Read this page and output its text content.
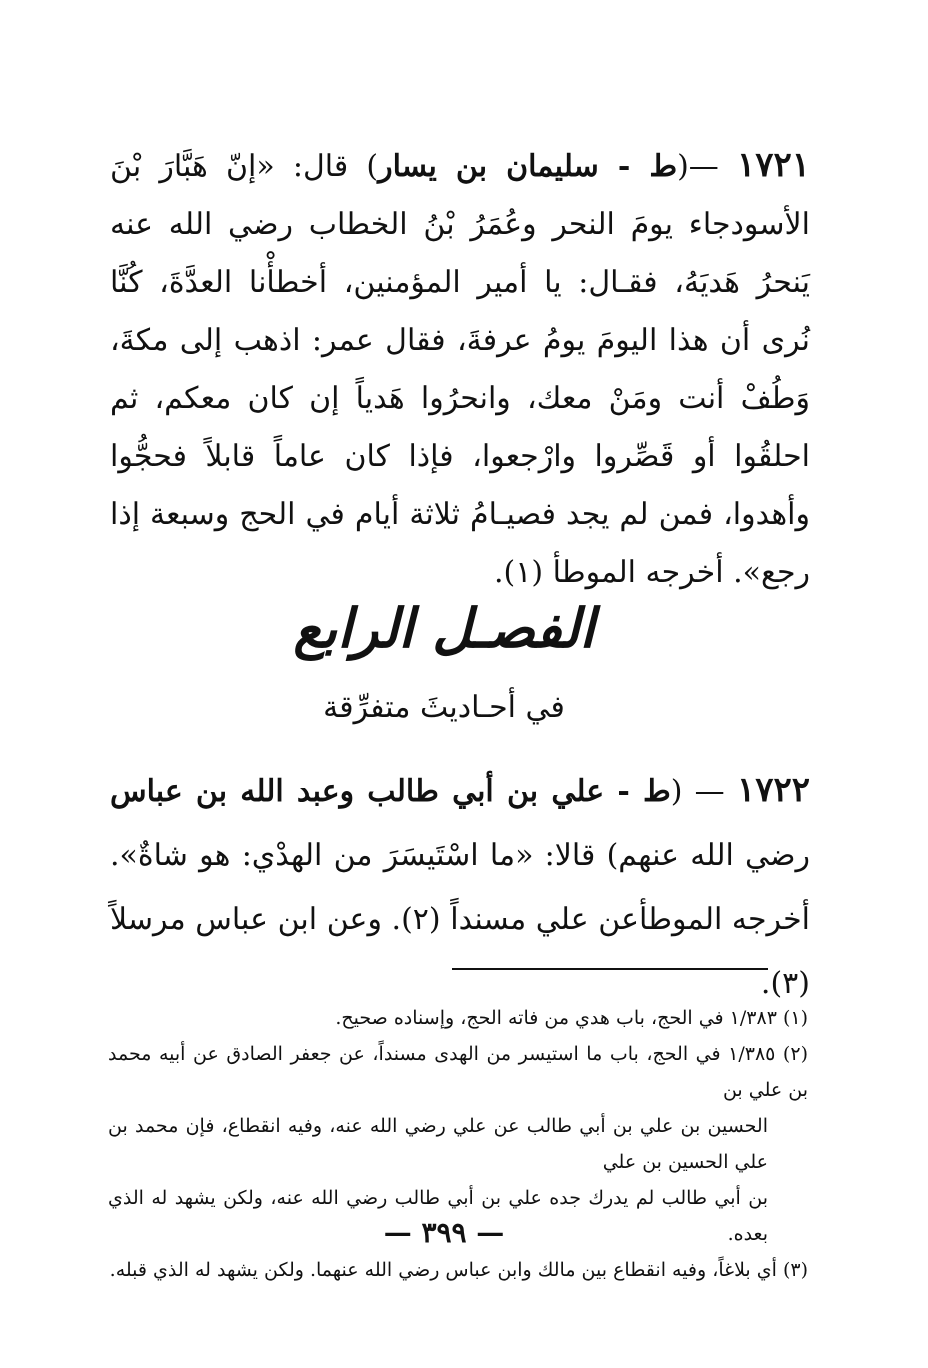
١٧٢١ —(ط - سليمان بن يسار) قال: «إنّ هَبَّارَ بْنَ الأسودجاء يومَ النحر وعُمَرُ بْنُ الخطاب رضي الله عنه يَنحرُ هَديَهُ، فقـال: يا أمير المؤمنين، أخطأْنا العدَّةَ، كُنَّا نُرى أن هذا اليومَ يومُ عرفةَ، فقال عمر: اذهب إلى مكةَ، وَطُفْ أنت ومَنْ معك، وانحرُوا هَدياً إن كان معكم، ثم احلقُوا أو قَصِّروا وارْجعوا، فإذا كان عاماً قابلاً فحجُّوا وأهدوا، فمن لم يجد فصيـامُ ثلاثة أيام في الحج وسبعة إذا رجع». أخرجه الموطأ (١).
الفصـل الرابع
في أحـاديثَ متفرِّقة
١٧٢٢ — (ط - علي بن أبي طالب وعبد الله بن عباس رضي الله عنهم) قالا: «ما اسْتَيسَرَ من الهدْي: هو شاةٌ». أخرجه الموطأعن علي مسنداً (٢). وعن ابن عباس مرسلاً (٣).
(١) ١/٣٨٣ في الحج، باب هدي من فاته الحج، وإسناده صحيح.
(٢) ١/٣٨٥ في الحج، باب ما استيسر من الهدى مسنداً، عن جعفر الصادق عن أبيه محمد بن علي بن
الحسين بن علي بن أبي طالب عن علي رضي الله عنه، وفيه انقطاع، فإن محمد بن علي الحسين بن علي
بن أبي طالب لم يدرك جده علي بن أبي طالب رضي الله عنه، ولكن يشهد له الذي بعده.
(٣) أي بلاغاً، وفيه انقطاع بين مالك وابن عباس رضي الله عنهما. ولكن يشهد له الذي قبله.
— ٣٩٩ —
